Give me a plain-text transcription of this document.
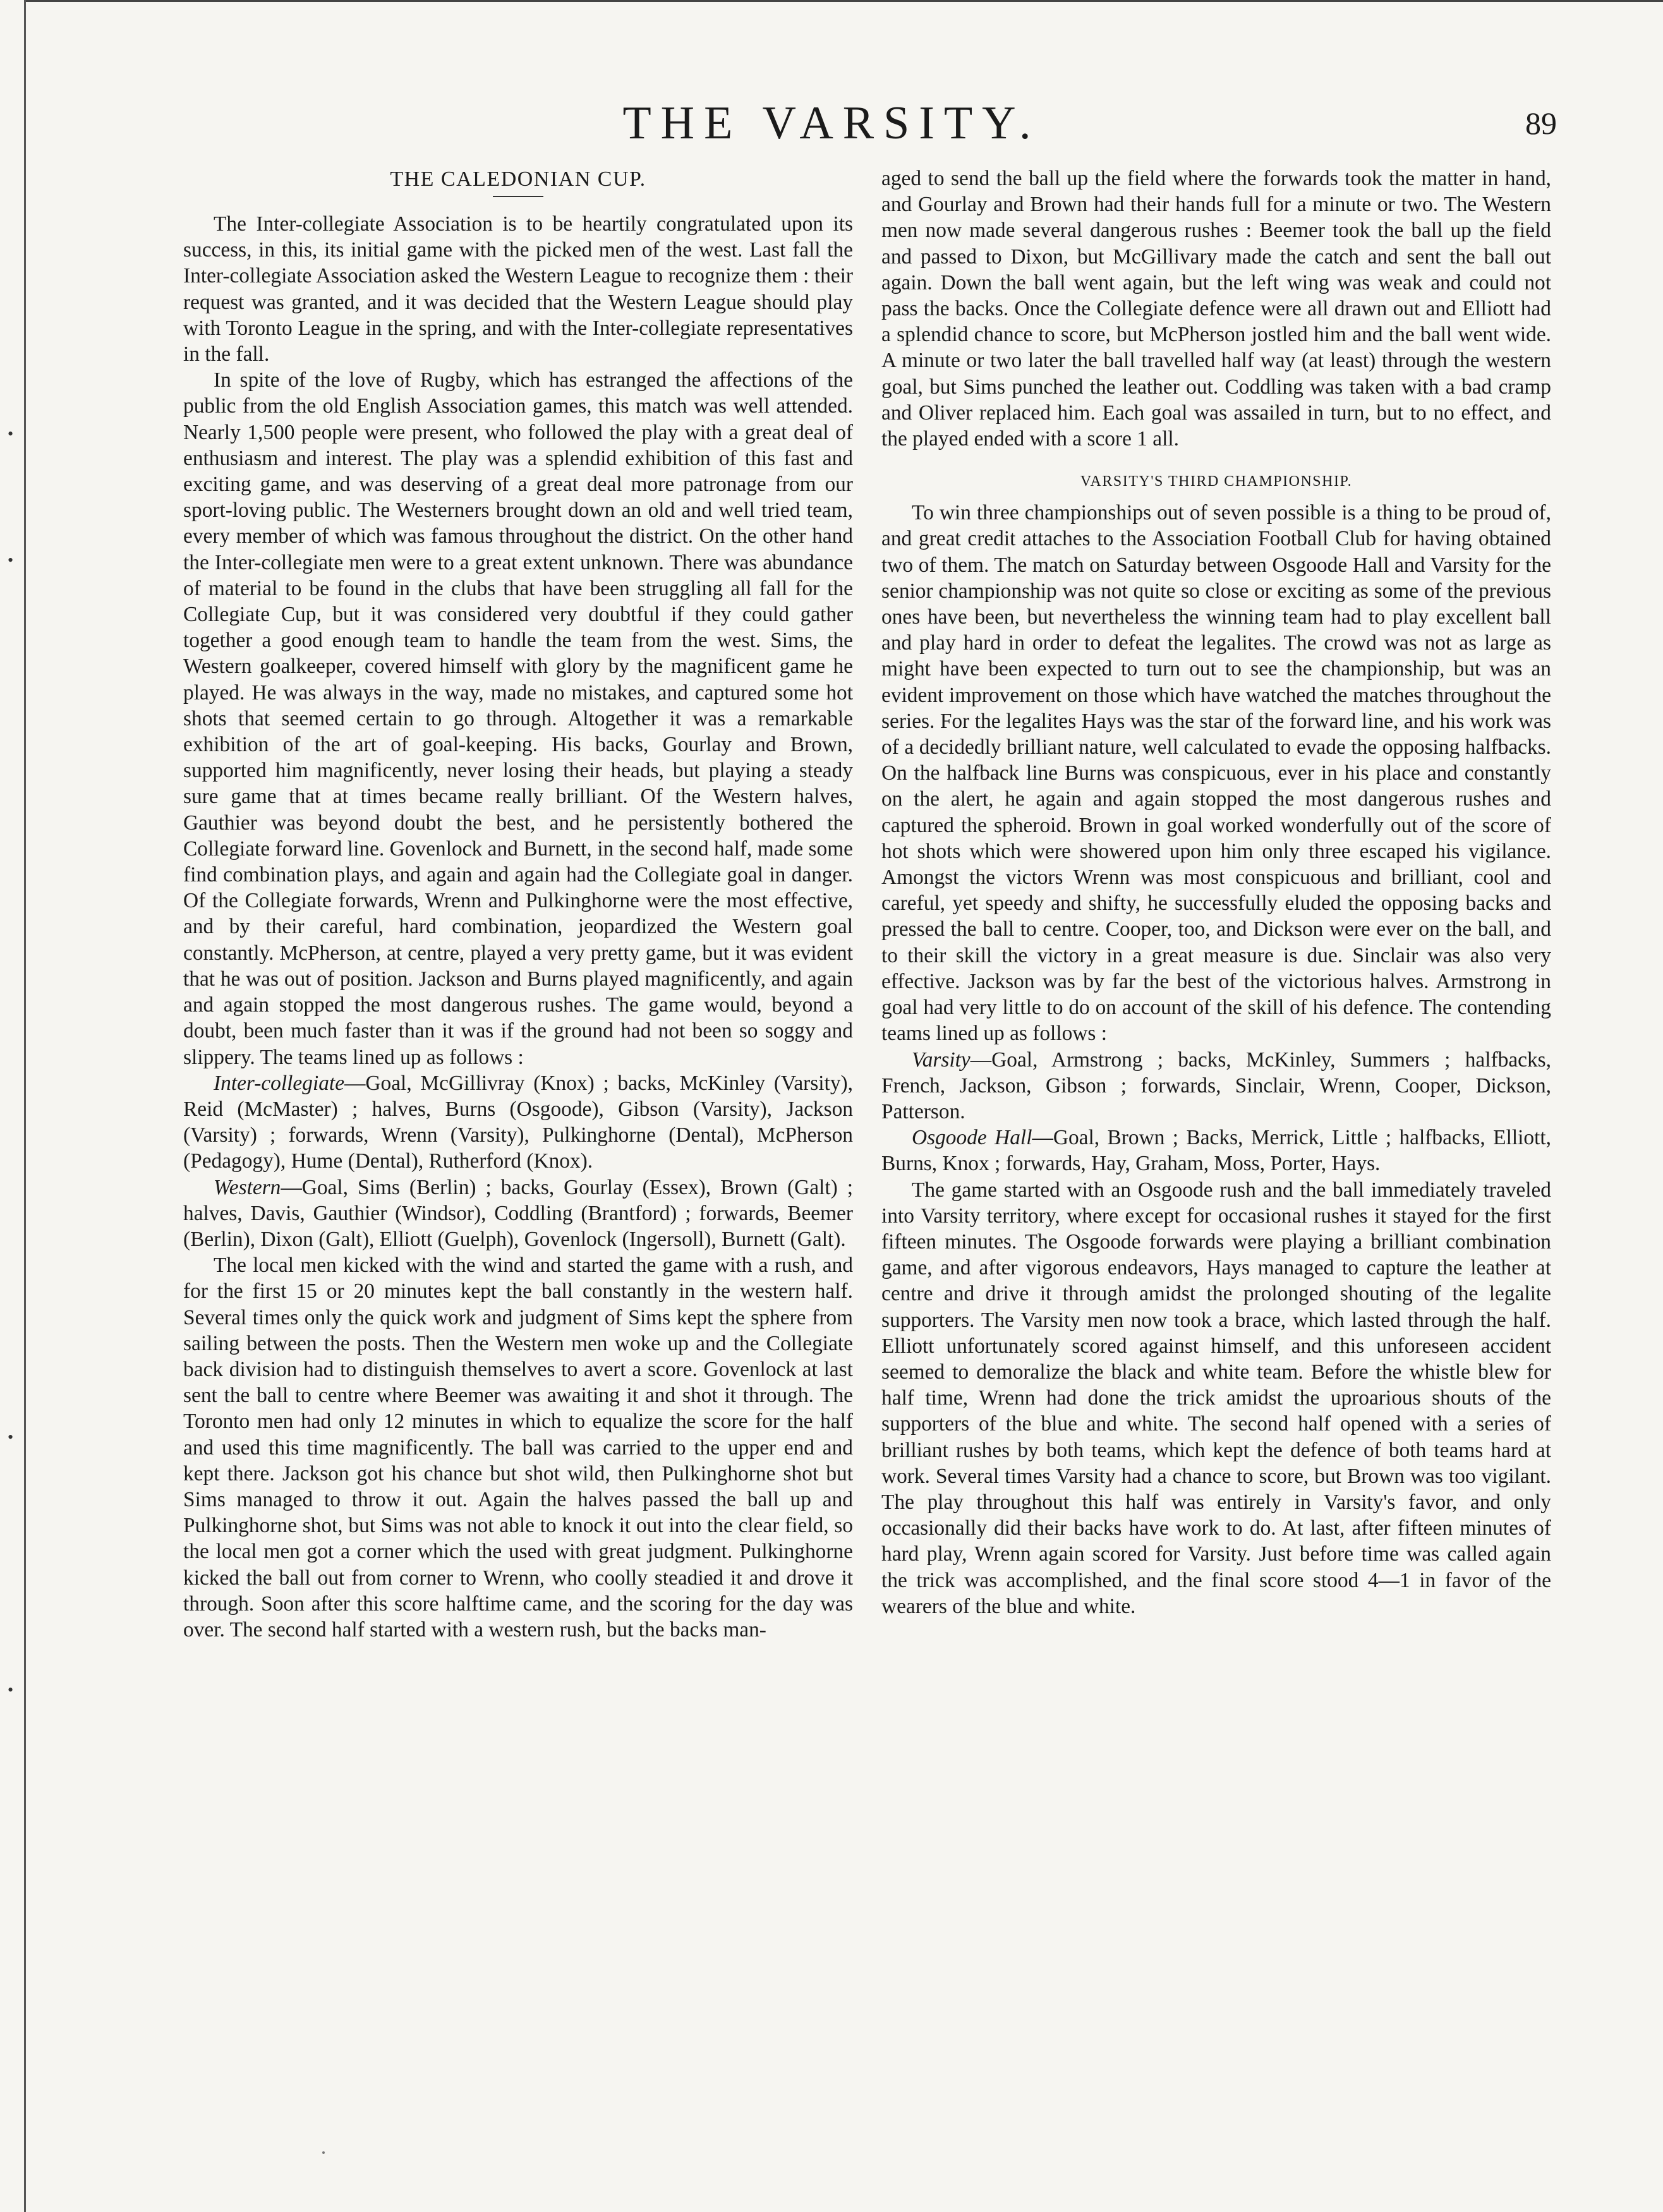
•
•
•
•
THE VARSITY.	89
THE CALEDONIAN CUP.

The Inter-collegiate Association is to be heartily congratulated upon its success, in this, its initial game with the picked men of the west. Last fall the Inter-collegiate Association asked the Western League to recognize them : their request was granted, and it was decided that the Western League should play with Toronto League in the spring, and with the Inter-collegiate representatives in the fall.

In spite of the love of Rugby, which has estranged the affections of the public from the old English Association games, this match was well attended. Nearly 1,500 people were present, who followed the play with a great deal of enthusiasm and interest. The play was a splendid exhibition of this fast and exciting game, and was deserving of a great deal more patronage from our sport-loving public. The Westerners brought down an old and well tried team, every member of which was famous throughout the district. On the other hand the Inter-collegiate men were to a great extent unknown. There was abundance of material to be found in the clubs that have been struggling all fall for the Collegiate Cup, but it was considered very doubtful if they could gather together a good enough team to handle the team from the west. Sims, the Western goalkeeper, covered himself with glory by the magnificent game he played. He was always in the way, made no mistakes, and captured some hot shots that seemed certain to go through. Altogether it was a remarkable exhibition of the art of goal-keeping. His backs, Gourlay and Brown, supported him magnificently, never losing their heads, but playing a steady sure game that at times became really brilliant. Of the Western halves, Gauthier was beyond doubt the best, and he persistently bothered the Collegiate forward line. Govenlock and Burnett, in the second half, made some find combination plays, and again and again had the Collegiate goal in danger. Of the Collegiate forwards, Wrenn and Pulkinghorne were the most effective, and by their careful, hard combination, jeopardized the Western goal constantly. McPherson, at centre, played a very pretty game, but it was evident that he was out of position. Jackson and Burns played magnificently, and again and again stopped the most dangerous rushes. The game would, beyond a doubt, been much faster than it was if the ground had not been so soggy and slippery. The teams lined up as follows :

Inter-collegiate—Goal, McGillivray (Knox) ; backs, McKinley (Varsity), Reid (McMaster) ; halves, Burns (Osgoode), Gibson (Varsity), Jackson (Varsity) ; forwards, Wrenn (Varsity), Pulkinghorne (Dental), McPherson (Pedagogy), Hume (Dental), Rutherford (Knox).

Western—Goal, Sims (Berlin) ; backs, Gourlay (Essex), Brown (Galt) ; halves, Davis, Gauthier (Windsor), Coddling (Brantford) ; forwards, Beemer (Berlin), Dixon (Galt), Elliott (Guelph), Govenlock (Ingersoll), Burnett (Galt).

The local men kicked with the wind and started the game with a rush, and for the first 15 or 20 minutes kept the ball constantly in the western half. Several times only the quick work and judgment of Sims kept the sphere from sailing between the posts. Then the Western men woke up and the Collegiate back division had to distinguish themselves to avert a score. Govenlock at last sent the ball to centre where Beemer was awaiting it and shot it through. The Toronto men had only 12 minutes in which to equalize the score for the half and used this time magnificently. The ball was carried to the upper end and kept there. Jackson got his chance but shot wild, then Pulkinghorne shot but Sims managed to throw it out. Again the halves passed the ball up and Pulkinghorne shot, but Sims was not able to knock it out into the clear field, so the local men got a corner which the used with great judgment. Pulkinghorne kicked the ball out from corner to Wrenn, who coolly steadied it and drove it through. Soon after this score halftime came, and the scoring for the day was over. The second half started with a western rush, but the backs man-

aged to send the ball up the field where the forwards took the matter in hand, and Gourlay and Brown had their hands full for a minute or two. The Western men now made several dangerous rushes : Beemer took the ball up the field and passed to Dixon, but McGillivary made the catch and sent the ball out again. Down the ball went again, but the left wing was weak and could not pass the backs. Once the Collegiate defence were all drawn out and Elliott had a splendid chance to score, but McPherson jostled him and the ball went wide. A minute or two later the ball travelled half way (at least) through the western goal, but Sims punched the leather out. Coddling was taken with a bad cramp and Oliver replaced him. Each goal was assailed in turn, but to no effect, and the played ended with a score 1 all.

VARSITY'S THIRD CHAMPIONSHIP.

To win three championships out of seven possible is a thing to be proud of, and great credit attaches to the Association Football Club for having obtained two of them. The match on Saturday between Osgoode Hall and Varsity for the senior championship was not quite so close or exciting as some of the previous ones have been, but nevertheless the winning team had to play excellent ball and play hard in order to defeat the legalites. The crowd was not as large as might have been expected to turn out to see the championship, but was an evident improvement on those which have watched the matches throughout the series. For the legalites Hays was the star of the forward line, and his work was of a decidedly brilliant nature, well calculated to evade the opposing halfbacks. On the halfback line Burns was conspicuous, ever in his place and constantly on the alert, he again and again stopped the most dangerous rushes and captured the spheroid. Brown in goal worked wonderfully out of the score of hot shots which were showered upon him only three escaped his vigilance. Amongst the victors Wrenn was most conspicuous and brilliant, cool and careful, yet speedy and shifty, he successfully eluded the opposing backs and pressed the ball to centre. Cooper, too, and Dickson were ever on the ball, and to their skill the victory in a great measure is due. Sinclair was also very effective. Jackson was by far the best of the victorious halves. Armstrong in goal had very little to do on account of the skill of his defence. The contending teams lined up as follows :

Varsity—Goal, Armstrong ; backs, McKinley, Summers ; halfbacks, French, Jackson, Gibson ; forwards, Sinclair, Wrenn, Cooper, Dickson, Patterson.

Osgoode Hall—Goal, Brown ; Backs, Merrick, Little ; halfbacks, Elliott, Burns, Knox ; forwards, Hay, Graham, Moss, Porter, Hays.

The game started with an Osgoode rush and the ball immediately traveled into Varsity territory, where except for occasional rushes it stayed for the first fifteen minutes. The Osgoode forwards were playing a brilliant combination game, and after vigorous endeavors, Hays managed to capture the leather at centre and drive it through amidst the prolonged shouting of the legalite supporters. The Varsity men now took a brace, which lasted through the half. Elliott unfortunately scored against himself, and this unforeseen accident seemed to demoralize the black and white team. Before the whistle blew for half time, Wrenn had done the trick amidst the uproarious shouts of the supporters of the blue and white. The second half opened with a series of brilliant rushes by both teams, which kept the defence of both teams hard at work. Several times Varsity had a chance to score, but Brown was too vigilant. The play throughout this half was entirely in Varsity's favor, and only occasionally did their backs have work to do. At last, after fifteen minutes of hard play, Wrenn again scored for Varsity. Just before time was called again the trick was accomplished, and the final score stood 4—1 in favor of the wearers of the blue and white.
